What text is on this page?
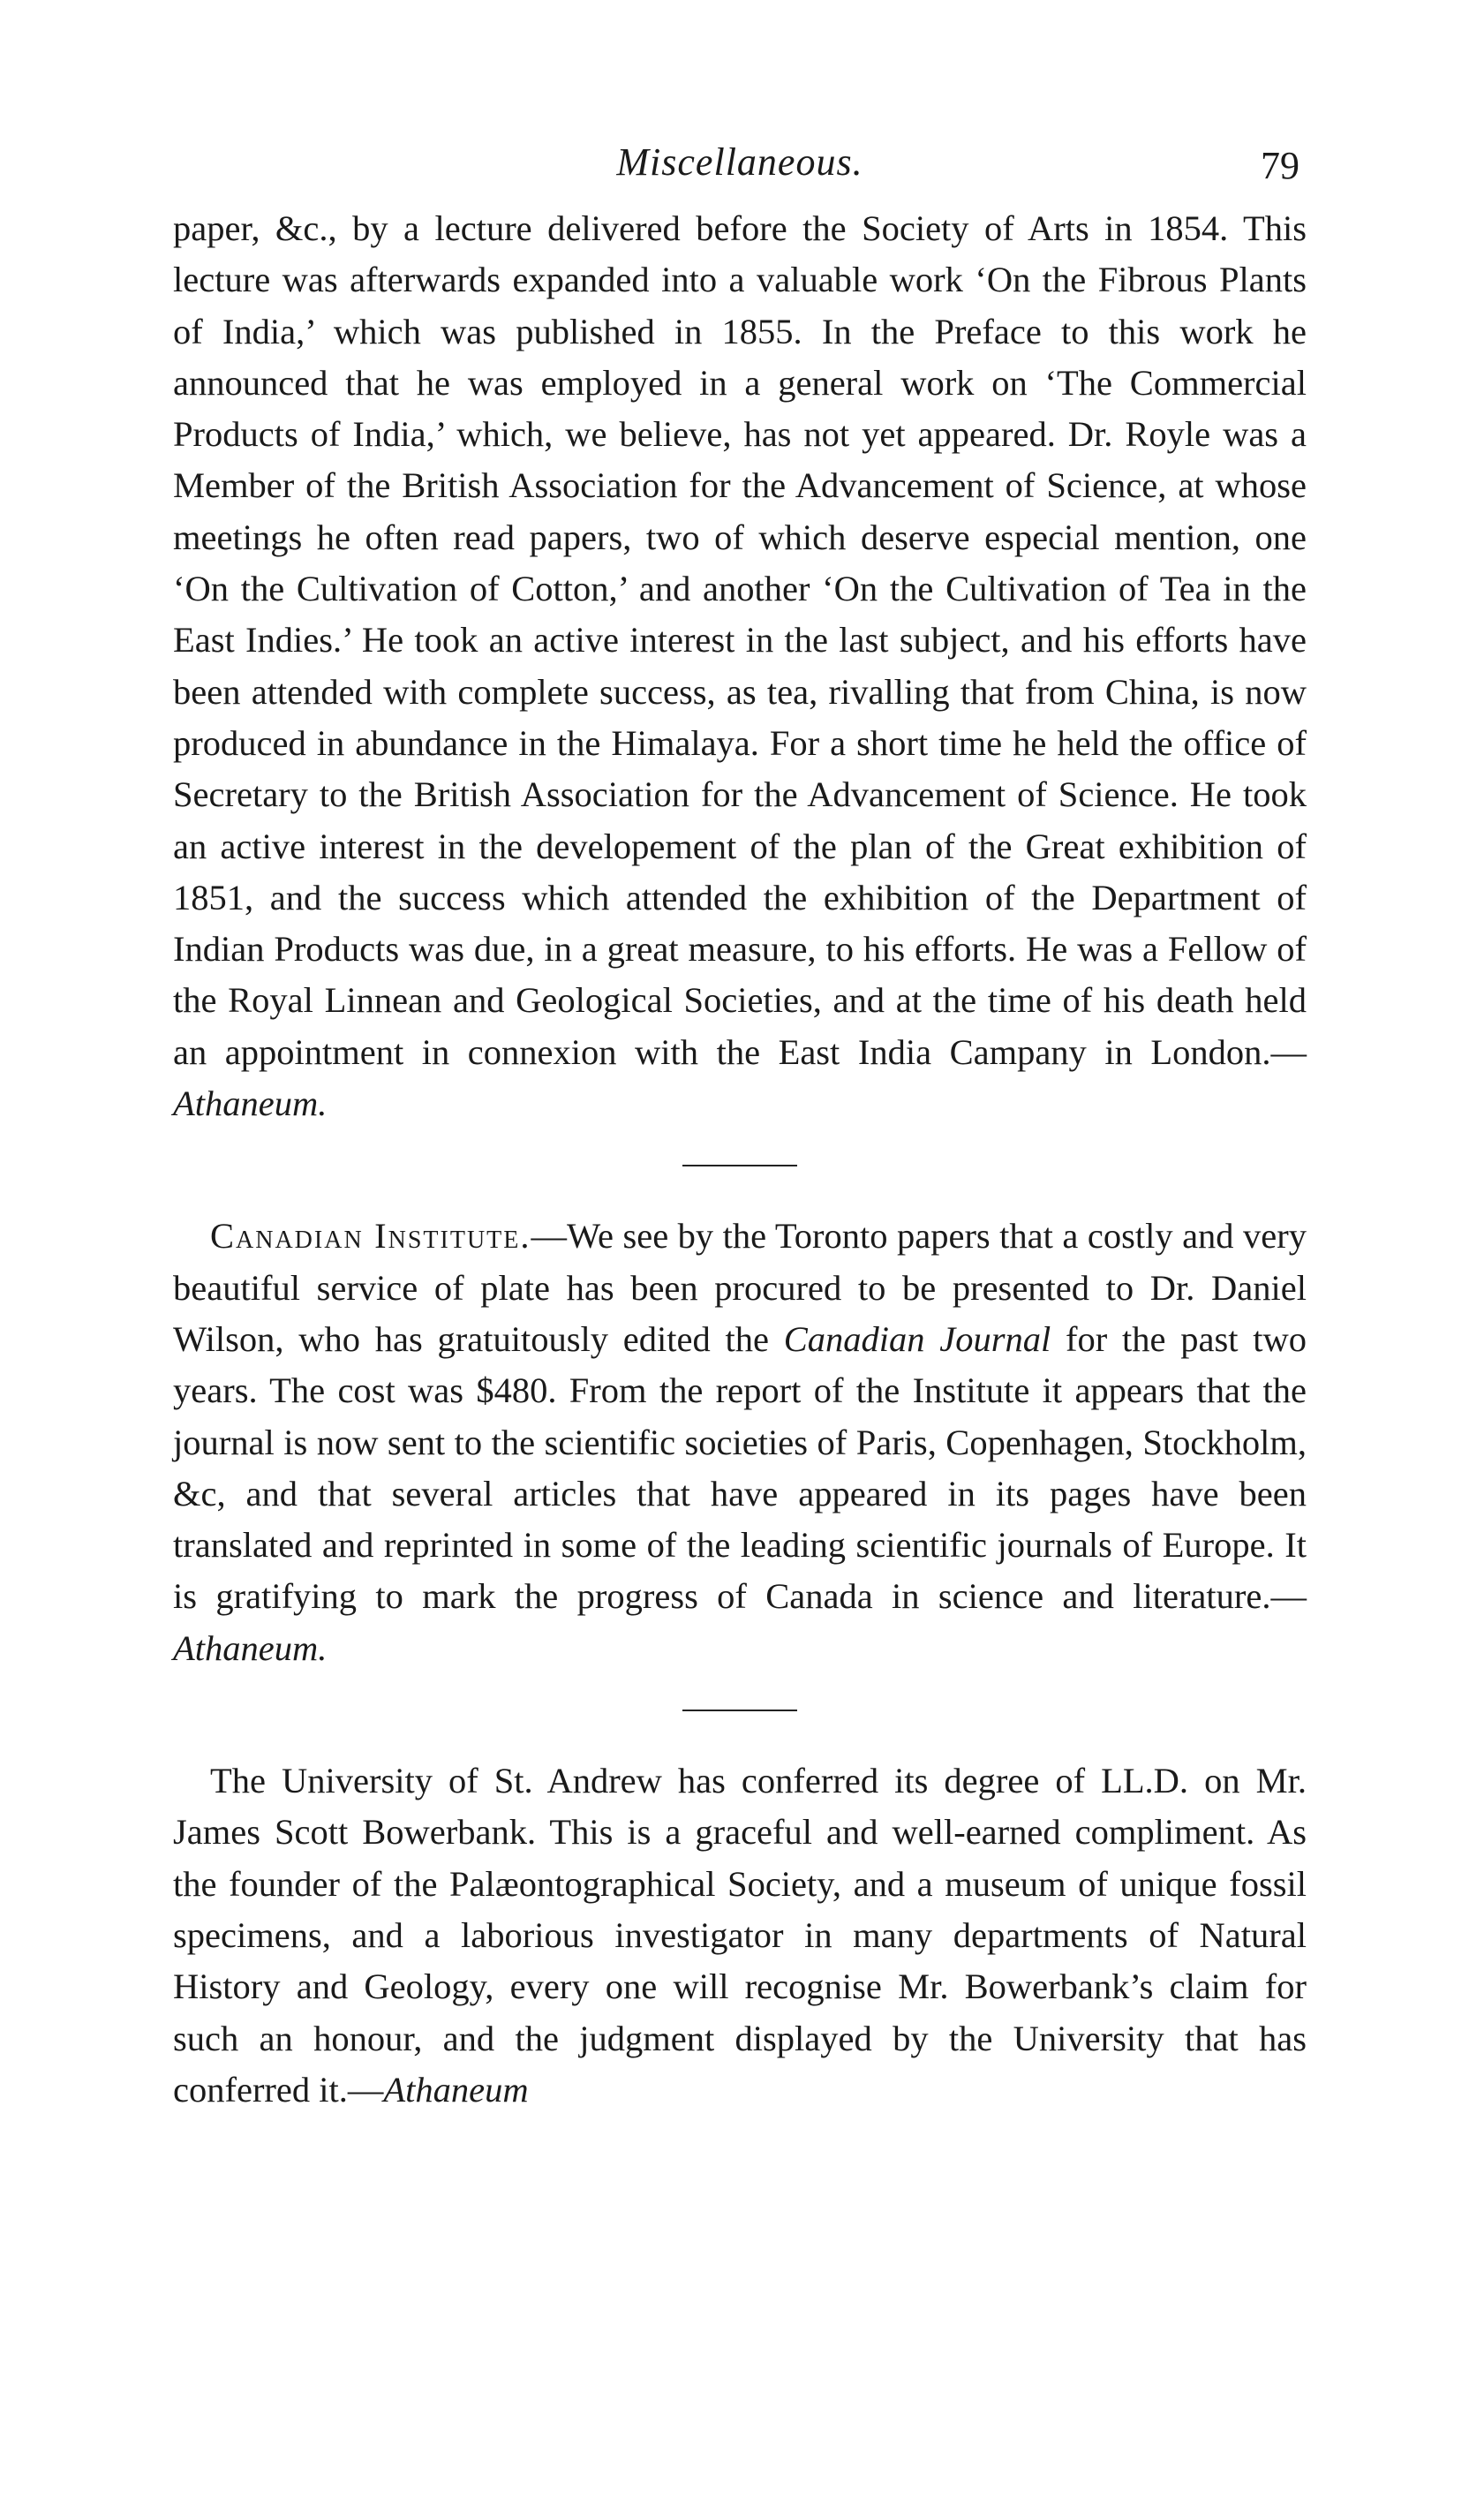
Miscellaneous.	79

paper, &c., by a lecture delivered before the Society of Arts in 1854. This lecture was afterwards expanded into a valuable work ‘On the Fibrous Plants of India,’ which was published in 1855. In the Preface to this work he announced that he was employed in a general work on ‘The Commercial Products of India,’ which, we believe, has not yet appeared. Dr. Royle was a Member of the British Association for the Advancement of Science, at whose meetings he often read papers, two of which deserve especial mention, one ‘On the Cultivation of Cotton,’ and another ‘On the Cultivation of Tea in the East Indies.’ He took an active interest in the last subject, and his efforts have been attended with complete success, as tea, rivalling that from China, is now produced in abundance in the Himalaya. For a short time he held the office of Secretary to the British Association for the Advancement of Science. He took an active interest in the developement of the plan of the Great exhibition of 1851, and the success which attended the exhibition of the Department of Indian Products was due, in a great measure, to his efforts. He was a Fellow of the Royal Linnean and Geological Societies, and at the time of his death held an appointment in connexion with the East India Campany in London.—Athaneum.

Canadian Institute.—We see by the Toronto papers that a costly and very beautiful service of plate has been procured to be presented to Dr. Daniel Wilson, who has gratuitously edited the Canadian Journal for the past two years. The cost was $480. From the report of the Institute it appears that the journal is now sent to the scientific societies of Paris, Copenhagen, Stockholm, &c, and that several articles that have appeared in its pages have been translated and reprinted in some of the leading scientific journals of Europe. It is gratifying to mark the progress of Canada in science and literature.—Athaneum.

The University of St. Andrew has conferred its degree of LL.D. on Mr. James Scott Bowerbank. This is a graceful and well-earned compliment. As the founder of the Palæontographical Society, and a museum of unique fossil specimens, and a laborious investigator in many departments of Natural History and Geology, every one will recognise Mr. Bowerbank’s claim for such an honour, and the judgment displayed by the University that has conferred it.—Athaneum
